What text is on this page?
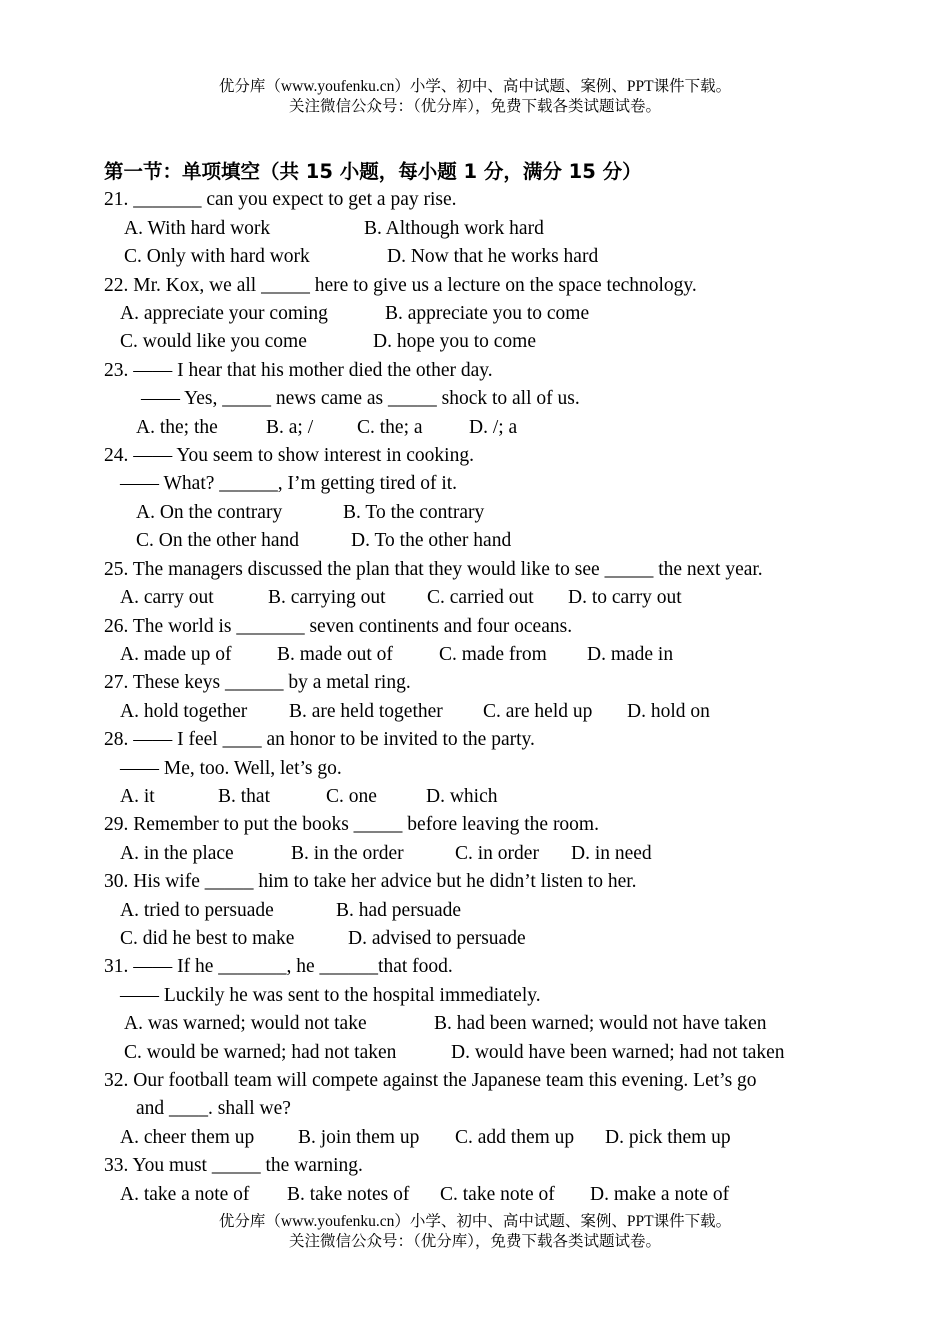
优分库（www.youfenku.cn）小学、初中、高中试题、案例、PPT课件下载。
关注微信公众号：（优分库），免费下载各类试题试卷。
第一节：单项填空（共 15 小题，每小题 1 分，满分 15 分）
21. _______ can you expect to get a pay rise.
A. With hard work	B. Although work hard
C. Only with hard work	D. Now that he works hard
22. Mr. Kox, we all _____ here to give us a lecture on the space technology.
A. appreciate your coming	B. appreciate you to come
C. would like you come	D. hope you to come
23. —— I hear that his mother died the other day.
—— Yes, _____ news came as _____ shock to all of us.
A. the; the B. a; / C. the; a D. /; a
24. —— You seem to show interest in cooking.
—— What? ______, I’m getting tired of it.
A. On the contrary	B. To the contrary
C. On the other hand	D. To the other hand
25. The managers discussed the plan that they would like to see _____ the next year.
A. carry out	B. carrying out C. carried out D. to carry out
26. The world is _______ seven continents and four oceans.
A. made up of B. made out of C. made from D. made in
27. These keys ______ by a metal ring.
A. hold together B. are held together C. are held up D. hold on
28. —— I feel ____ an honor to be invited to the party.
—— Me, too. Well, let’s go.
A. it	B. that	C. one	D. which
29. Remember to put the books _____ before leaving the room.
A. in the place	B. in the order	C. in order D. in need
30. His wife _____ him to take her advice but he didn’t listen to her.
A. tried to persuade	B. had persuade
C. did he best to make	D. advised to persuade
31. —— If he _______, he ______that food.
—— Luckily he was sent to the hospital immediately.
A. was warned; would not take	B. had been warned; would not have taken
C. would be warned; had not taken	D. would have been warned; had not taken
32. Our football team will compete against the Japanese team this evening. Let’s go
and ____. shall we?
A. cheer them up B. join them up C. add them up D. pick them up
33. You must _____ the warning.
A. take a note of B. take notes of C. take note of D. make a note of
优分库（www.youfenku.cn）小学、初中、高中试题、案例、PPT课件下载。
关注微信公众号：（优分库），免费下载各类试题试卷。
